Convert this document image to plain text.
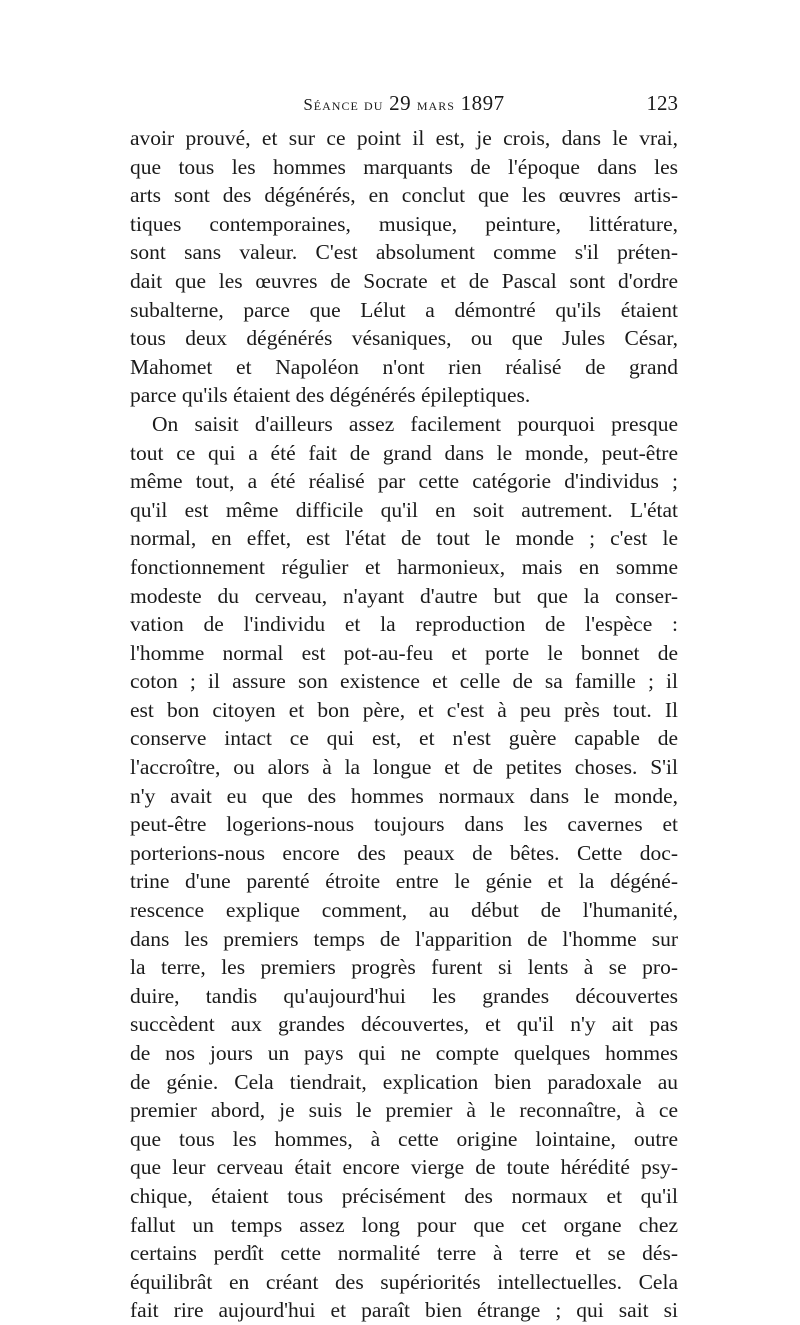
Séance du 29 mars 1897	123
avoir prouvé, et sur ce point il est, je crois, dans le vrai,
que tous les hommes marquants de l'époque dans les
arts sont des dégénérés, en conclut que les œuvres artis-
tiques contemporaines, musique, peinture, littérature,
sont sans valeur. C'est absolument comme s'il préten-
dait que les œuvres de Socrate et de Pascal sont d'ordre
subalterne, parce que Lélut a démontré qu'ils étaient
tous deux dégénérés vésaniques, ou que Jules César,
Mahomet et Napoléon n'ont rien réalisé de grand
parce qu'ils étaient des dégénérés épileptiques.
On saisit d'ailleurs assez facilement pourquoi presque
tout ce qui a été fait de grand dans le monde, peut-être
même tout, a été réalisé par cette catégorie d'individus ;
qu'il est même difficile qu'il en soit autrement. L'état
normal, en effet, est l'état de tout le monde ; c'est le
fonctionnement régulier et harmonieux, mais en somme
modeste du cerveau, n'ayant d'autre but que la conser-
vation de l'individu et la reproduction de l'espèce :
l'homme normal est pot-au-feu et porte le bonnet de
coton ; il assure son existence et celle de sa famille ; il
est bon citoyen et bon père, et c'est à peu près tout. Il
conserve intact ce qui est, et n'est guère capable de
l'accroître, ou alors à la longue et de petites choses. S'il
n'y avait eu que des hommes normaux dans le monde,
peut-être logerions-nous toujours dans les cavernes et
porterions-nous encore des peaux de bêtes. Cette doc-
trine d'une parenté étroite entre le génie et la dégéné-
rescence explique comment, au début de l'humanité,
dans les premiers temps de l'apparition de l'homme sur
la terre, les premiers progrès furent si lents à se pro-
duire, tandis qu'aujourd'hui les grandes découvertes
succèdent aux grandes découvertes, et qu'il n'y ait pas
de nos jours un pays qui ne compte quelques hommes
de génie. Cela tiendrait, explication bien paradoxale au
premier abord, je suis le premier à le reconnaître, à ce
que tous les hommes, à cette origine lointaine, outre
que leur cerveau était encore vierge de toute hérédité psy-
chique, étaient tous précisément des normaux et qu'il
fallut un temps assez long pour que cet organe chez
certains perdît cette normalité terre à terre et se dés-
équilibrât en créant des supériorités intellectuelles. Cela
fait rire aujourd'hui et paraît bien étrange ; qui sait si
